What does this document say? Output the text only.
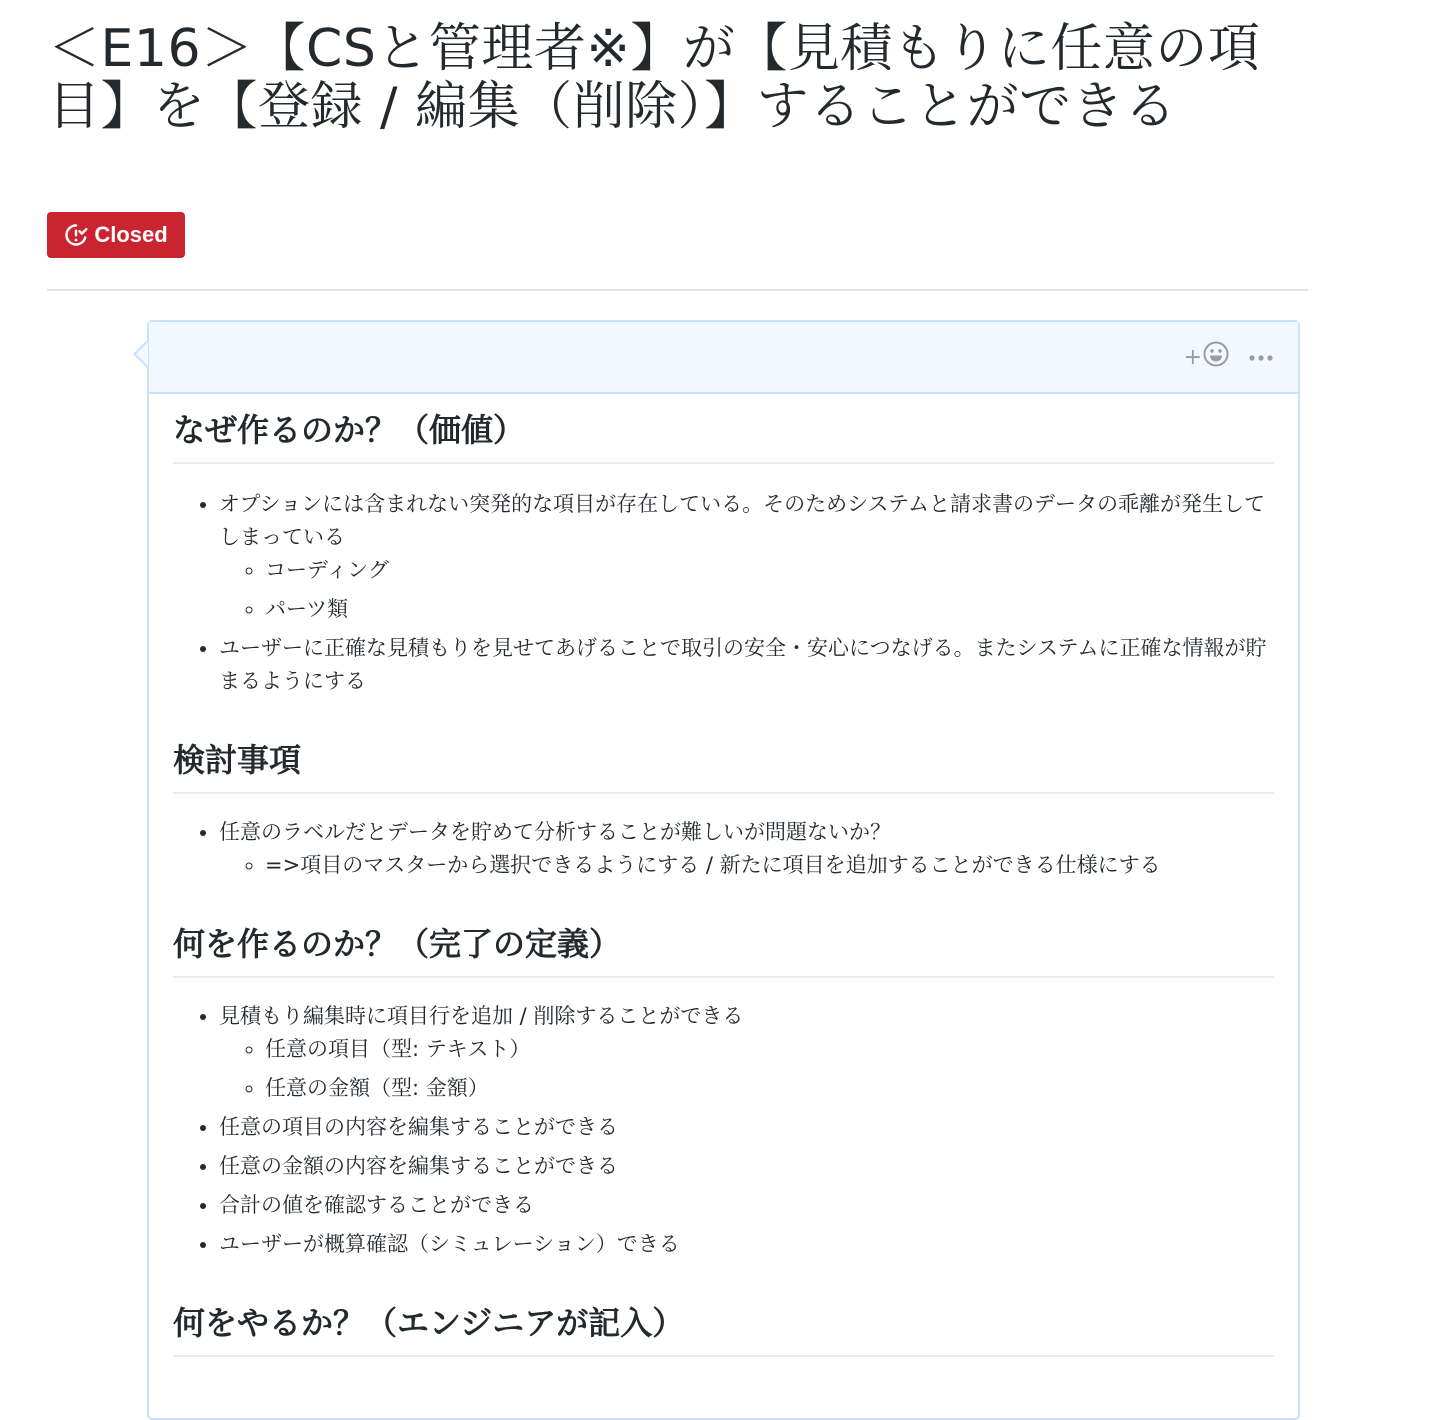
＜E16＞【CSと管理者※】が【見積もりに任意の項目】を【登録 / 編集（削除）】することができる
Closed
+
なぜ作るのか？（価値）
• オプションには含まれない突発的な項目が存在している。そのためシステムと請求書のデータの乖離が発生してしまっている
◦ コーディング
◦ パーツ類
• ユーザーに正確な見積もりを見せてあげることで取引の安全・安心につなげる。またシステムに正確な情報が貯まるようにする
検討事項
• 任意のラベルだとデータを貯めて分析することが難しいが問題ないか？
◦ =>項目のマスターから選択できるようにする / 新たに項目を追加することができる仕様にする
何を作るのか？（完了の定義）
• 見積もり編集時に項目行を追加 / 削除することができる
◦ 任意の項目（型: テキスト）
◦ 任意の金額（型: 金額）
• 任意の項目の内容を編集することができる
• 任意の金額の内容を編集することができる
• 合計の値を確認することができる
• ユーザーが概算確認（シミュレーション）できる
何をやるか？（エンジニアが記入）
